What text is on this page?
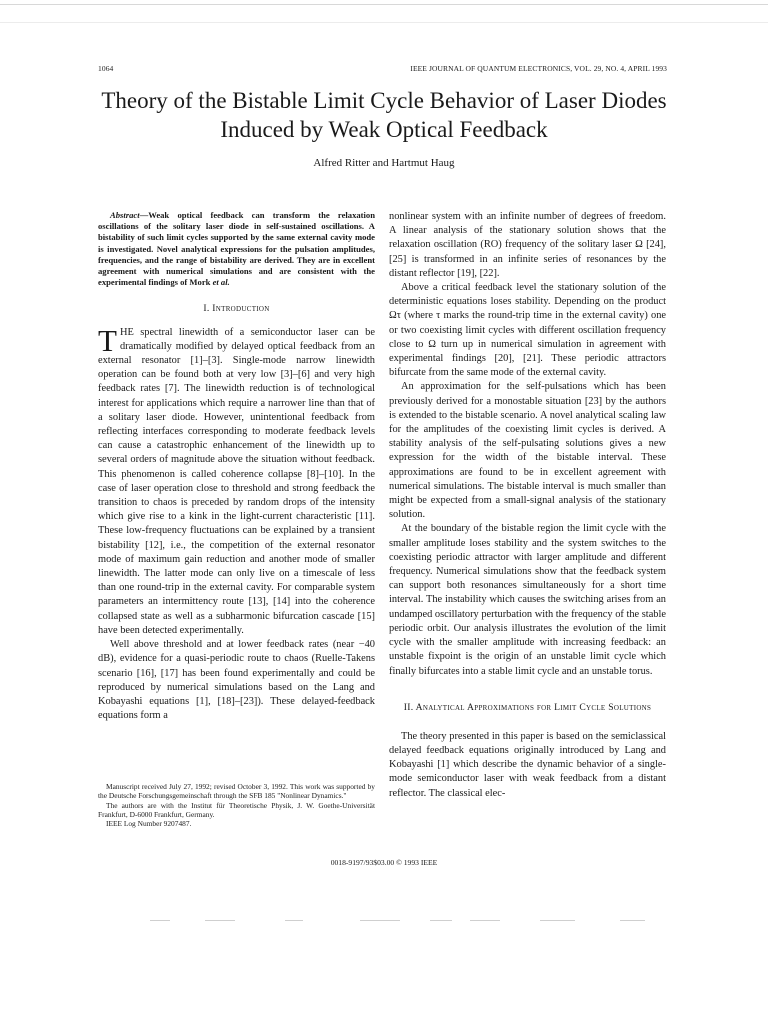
1064	IEEE JOURNAL OF QUANTUM ELECTRONICS, VOL. 29, NO. 4, APRIL 1993
Theory of the Bistable Limit Cycle Behavior of Laser Diodes Induced by Weak Optical Feedback
Alfred Ritter and Hartmut Haug

Abstract—Weak optical feedback can transform the relaxation oscillations of the solitary laser diode in self-sustained oscillations. A bistability of such limit cycles supported by the same external cavity mode is investigated. Novel analytical expressions for the pulsation amplitudes, frequencies, and the range of bistability are derived. They are in excellent agreement with numerical simulations and are consistent with the experimental findings of Mork et al.

I. Introduction

THE spectral linewidth of a semiconductor laser can be dramatically modified by delayed optical feedback from an external resonator [1]–[3]. Single-mode narrow linewidth operation can be found both at very low [3]–[6] and very high feedback rates [7]. The linewidth reduction is of technological interest for applications which require a narrower line than that of a solitary laser diode. However, unintentional feedback from reflecting interfaces corresponding to moderate feedback levels can cause a catastrophic enhancement of the linewidth up to several orders of magnitude above the situation without feedback. This phenomenon is called coherence collapse [8]–[10]. In the case of laser operation close to threshold and strong feedback the transition to chaos is preceded by random drops of the intensity which give rise to a kink in the light-current characteristic [11]. These low-frequency fluctuations can be explained by a transient bistability [12], i.e., the competition of the external resonator mode of maximum gain reduction and another mode of smaller linewidth. The latter mode can only live on a timescale of less than one round-trip in the external cavity. For comparable system parameters an intermittency route [13], [14] into the coherence collapsed state as well as a subharmonic bifurcation cascade [15] have been detected experimentally.

Well above threshold and at lower feedback rates (near −40 dB), evidence for a quasi-periodic route to chaos (Ruelle-Takens scenario [16], [17] has been found experimentally and could be reproduced by numerical simulations based on the Lang and Kobayashi equations [1], [18]–[23]). These delayed-feedback equations form a

nonlinear system with an infinite number of degrees of freedom. A linear analysis of the stationary solution shows that the relaxation oscillation (RO) frequency of the solitary laser Ω [24], [25] is transformed in an infinite series of resonances by the distant reflector [19], [22].

Above a critical feedback level the stationary solution of the deterministic equations loses stability. Depending on the product Ωτ (where τ marks the round-trip time in the external cavity) one or two coexisting limit cycles with different oscillation frequency close to Ω turn up in numerical simulation in agreement with experimental findings [20], [21]. These periodic attractors bifurcate from the same mode of the external cavity.

An approximation for the self-pulsations which has been previously derived for a monostable situation [23] by the authors is extended to the bistable scenario. A novel analytical scaling law for the amplitudes of the coexisting limit cycles is derived. A stability analysis of the self-pulsating solutions gives a new expression for the width of the bistable interval. These approximations are found to be in excellent agreement with numerical simulations. The bistable interval is much smaller than might be expected from a small-signal analysis of the stationary solution.

At the boundary of the bistable region the limit cycle with the smaller amplitude loses stability and the system switches to the coexisting periodic attractor with larger amplitude and different frequency. Numerical simulations show that the feedback system can support both resonances simultaneously for a short time interval. The instability which causes the switching arises from an undamped oscillatory perturbation with the frequency of the stable periodic orbit. Our analysis illustrates the evolution of the limit cycle with the smaller amplitude with increasing feedback: an unstable fixpoint is the origin of an unstable limit cycle which finally bifurcates into a stable limit cycle and an unstable torus.

II. Analytical Approximations for Limit Cycle Solutions

The theory presented in this paper is based on the semiclassical delayed feedback equations originally introduced by Lang and Kobayashi [1] which describe the dynamic behavior of a single-mode semiconductor laser with weak feedback from a distant reflector. The classical elec-

Manuscript received July 27, 1992; revised October 3, 1992. This work was supported by the Deutsche Forschungsgemeinschaft through the SFB 185 "Nonlinear Dynamics."

The authors are with the Institut für Theoretische Physik, J. W. Goethe-Universität Frankfurt, D-6000 Frankfurt, Germany.

IEEE Log Number 9207487.

0018-9197/93$03.00 © 1993 IEEE
